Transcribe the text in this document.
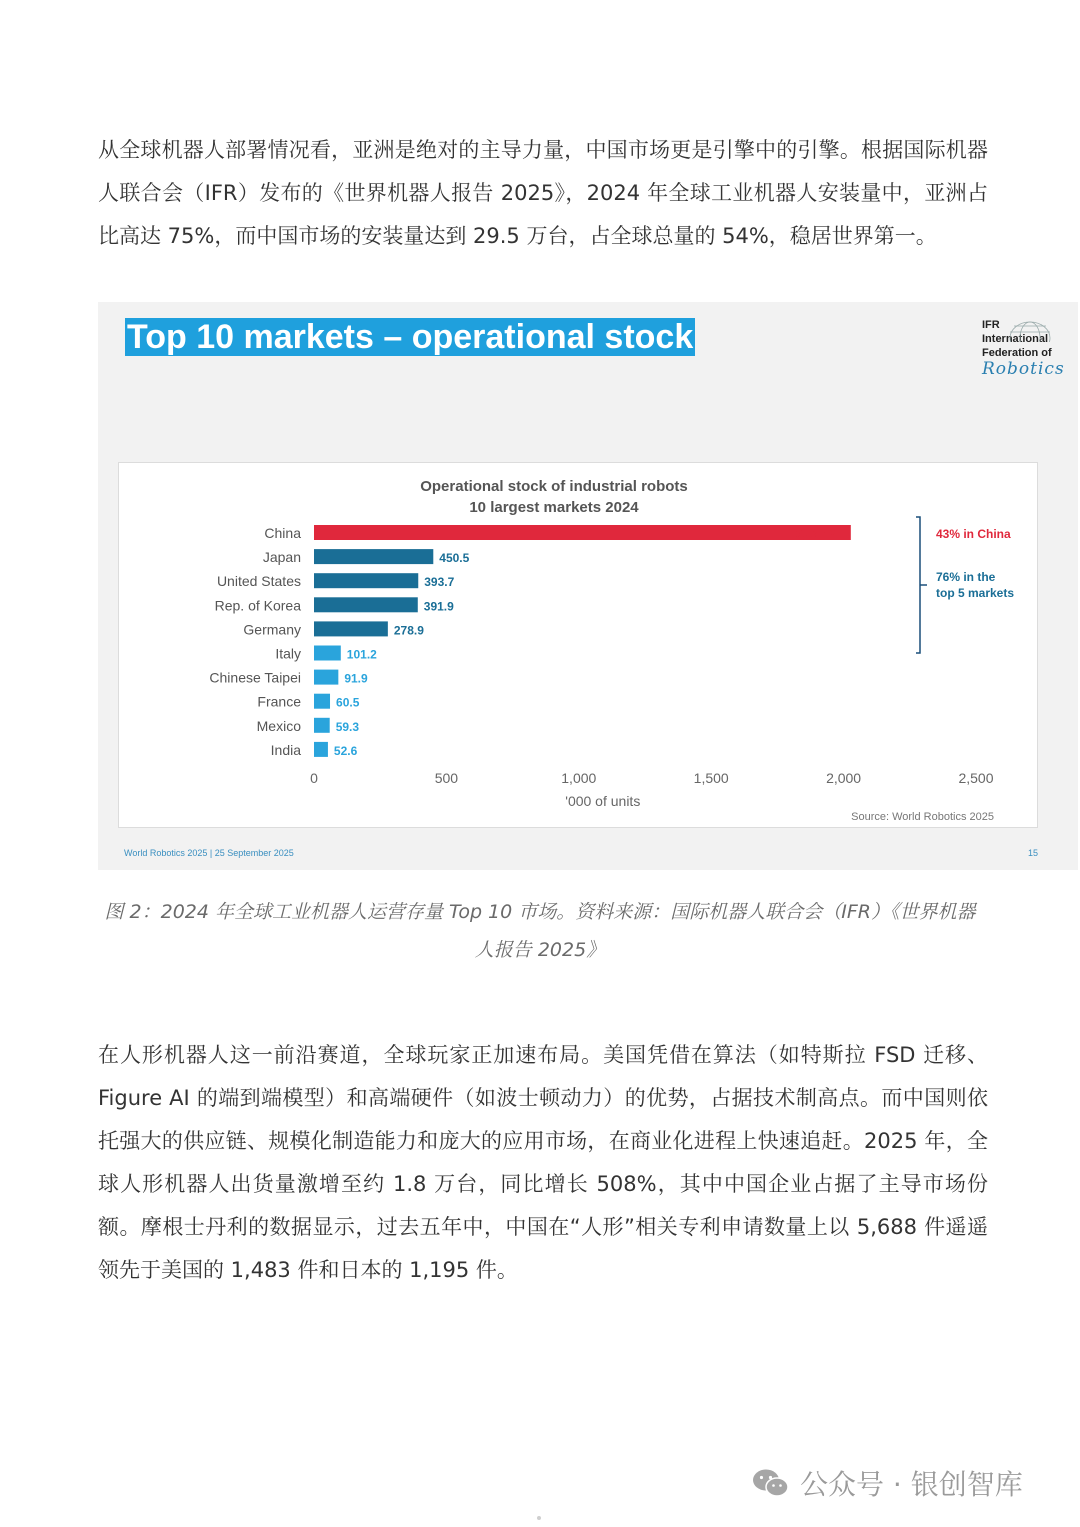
从全球机器人部署情况看，亚洲是绝对的主导力量，中国市场更是引擎中的引擎。根据国际机器人联合会（IFR）发布的《世界机器人报告 2025》，2024 年全球工业机器人安装量中，亚洲占比高达 75%，而中国市场的安装量达到 29.5 万台，占全球总量的 54%，稳居世界第一。

Top 10 markets – operational stock	IFR
International
Federation of
Robotics
Operational stock of industrial robots
10 largest markets 2024
China	2,027.2
Japan	450.5
United States	393.7
Rep. of Korea	391.9
Germany	278.9
Italy	101.2
Chinese Taipei	91.9
France	60.5
Mexico	59.3
India	52.6
0	500	1,000	1,500	2,000	2,500
'000 of units
43% in China
76% in the
top 5 markets
Source: World Robotics 2025
World Robotics 2025 | 25 September 2025	15

图 2：2024 年全球工业机器人运营存量 Top 10 市场。资料来源：国际机器人联合会（IFR）《世界机器人报告 2025》

在人形机器人这一前沿赛道，全球玩家正加速布局。美国凭借在算法（如特斯拉 FSD 迁移、Figure AI 的端到端模型）和高端硬件（如波士顿动力）的优势，占据技术制高点。而中国则依托强大的供应链、规模化制造能力和庞大的应用市场，在商业化进程上快速追赶。2025 年，全球人形机器人出货量激增至约 1.8 万台，同比增长 508%，其中中国企业占据了主导市场份额。摩根士丹利的数据显示，过去五年中，中国在“人形”相关专利申请数量上以 5,688 件遥遥领先于美国的 1,483 件和日本的 1,195 件。

公众号 · 银创智库
